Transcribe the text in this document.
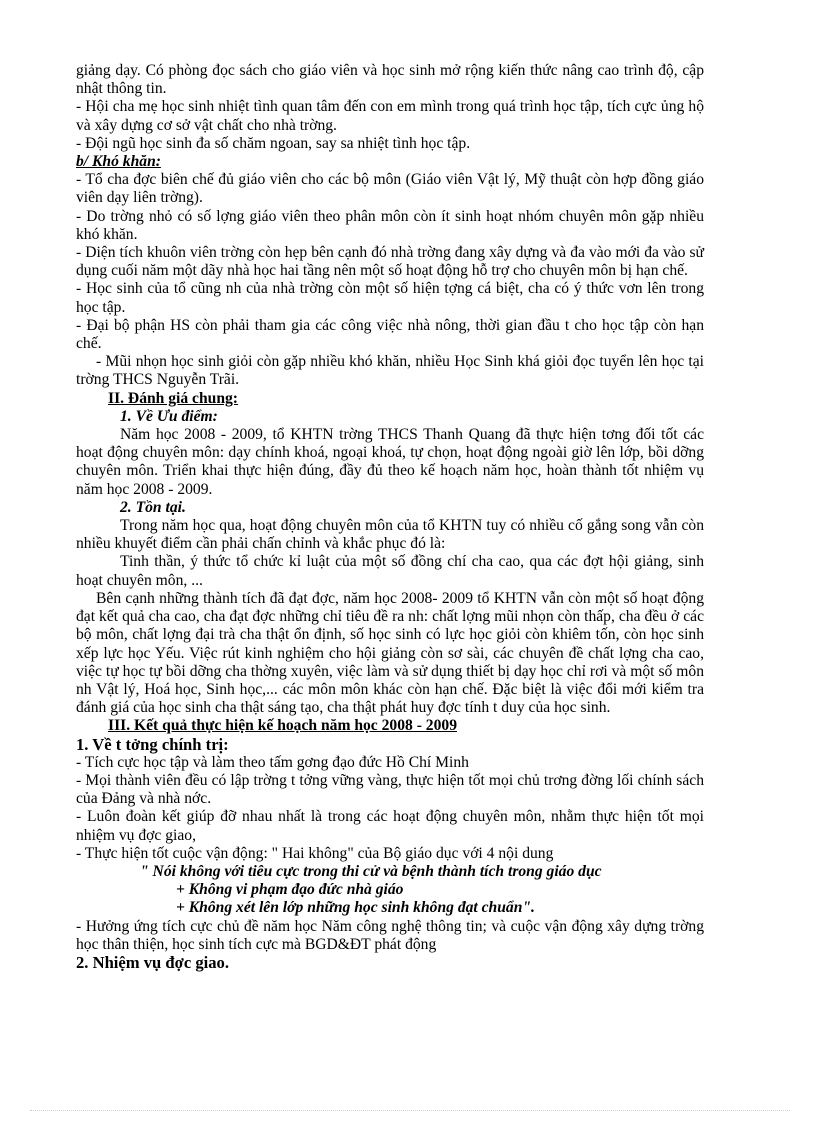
giảng dạy. Có phòng đọc sách cho giáo viên và học sinh mở rộng kiến thức nâng cao trình độ, cập nhật thông tin.

- Hội cha mẹ học sinh nhiệt tình quan tâm đến con em mình trong quá trình học tập, tích cực ủng hộ và xây dựng cơ sở vật chất cho nhà trờng.

- Đội ngũ học sinh đa số chăm ngoan, say sa nhiệt tình học tập.

b/ Khó khăn:

- Tổ cha đợc biên chế đủ giáo viên cho các bộ môn (Giáo viên Vật lý, Mỹ thuật còn hợp đồng giáo viên dạy liên trờng).

- Do trờng nhỏ có số lợng giáo viên theo phân môn còn ít sinh hoạt nhóm chuyên môn gặp nhiều khó khăn.

- Diện tích khuôn viên trờng còn hẹp bên cạnh đó nhà trờng đang xây dựng và đa vào mới đa vào sử dụng cuối năm một dãy nhà học hai tầng nên một số hoạt động hỗ trợ cho chuyên môn bị hạn chế.

- Học sinh của tổ cũng nh của nhà trờng còn một số hiện tợng cá biệt, cha có ý thức vơn lên trong học tập.

- Đại bộ phận HS còn phải tham gia các công việc nhà nông, thời gian đầu t cho học tập còn hạn chế.

- Mũi nhọn học sinh giỏi còn gặp nhiều khó khăn, nhiều Học Sinh khá giỏi đọc tuyển lên học tại trờng THCS Nguyễn Trãi.

II. Đánh giá chung:

1. Về Ưu điểm:

Năm học 2008 - 2009, tổ KHTN trờng THCS Thanh Quang đã thực hiện tơng đối tốt các hoạt động chuyên môn: dạy chính khoá, ngoại khoá, tự chọn, hoạt động ngoài giờ lên lớp, bồi dỡng chuyên môn. Triển khai thực hiện đúng, đầy đủ theo kế hoạch năm học, hoàn thành tốt nhiệm vụ năm học 2008 - 2009.

2. Tồn tại.

Trong năm học qua, hoạt động chuyên môn của tổ KHTN tuy có nhiều cố gắng song vẫn còn nhiều khuyết điểm cần phải chấn chỉnh và khắc phục đó là:

Tinh thần, ý thức tổ chức kỉ luật của một số đồng chí cha cao, qua các đợt hội giảng, sinh hoạt chuyên môn, ...

Bên cạnh những thành tích đã đạt đợc, năm học 2008- 2009 tổ KHTN vẫn còn một số hoạt động đạt kết quả cha cao, cha đạt đợc những chỉ tiêu đề ra nh: chất lợng mũi nhọn còn thấp, cha đều ở các bộ môn, chất lợng đại trà cha thật ổn định, số học sinh có lực học giỏi còn khiêm tốn, còn học sinh xếp lực học Yếu. Việc rút kinh nghiệm cho hội giảng còn sơ sài, các chuyên đề chất lợng cha cao, việc tự học tự bồi dỡng cha thờng xuyên, việc làm và sử dụng thiết bị dạy học chỉ rơi và một số môn nh Vật lý, Hoá học, Sinh học,... các môn môn khác còn hạn chế. Đặc biệt là việc đổi mới kiểm tra đánh giá của học sinh cha thật sáng tạo, cha thật phát huy đợc tính t duy của học sinh.

III. Kết quả thực hiện kế hoạch năm học 2008 - 2009

1. Về t tởng chính trị:

- Tích cực học tập và làm theo tấm gơng đạo đức Hồ Chí Minh

- Mọi thành viên đều có lập trờng t tởng vững vàng, thực hiện tốt mọi chủ trơng đờng lối chính sách của Đảng và nhà nớc.

- Luôn đoàn kết giúp đỡ nhau nhất là trong các hoạt động chuyên môn, nhằm thực hiện tốt mọi nhiệm vụ đợc giao,

- Thực hiện tốt cuộc vận động: " Hai không" của Bộ giáo dục với 4 nội dung

" Nói không với tiêu cực trong thi cử và bệnh thành tích trong giáo dục

+ Không vi phạm đạo đức nhà giáo

+ Không xét lên lớp những học sinh không đạt chuẩn".

- Hưởng ứng tích cực chủ đề năm học Năm công nghệ thông tin; và cuộc vận động xây dựng trờng học thân thiện, học sinh tích cực mà BGD&ĐT phát động

2. Nhiệm vụ đợc giao.
